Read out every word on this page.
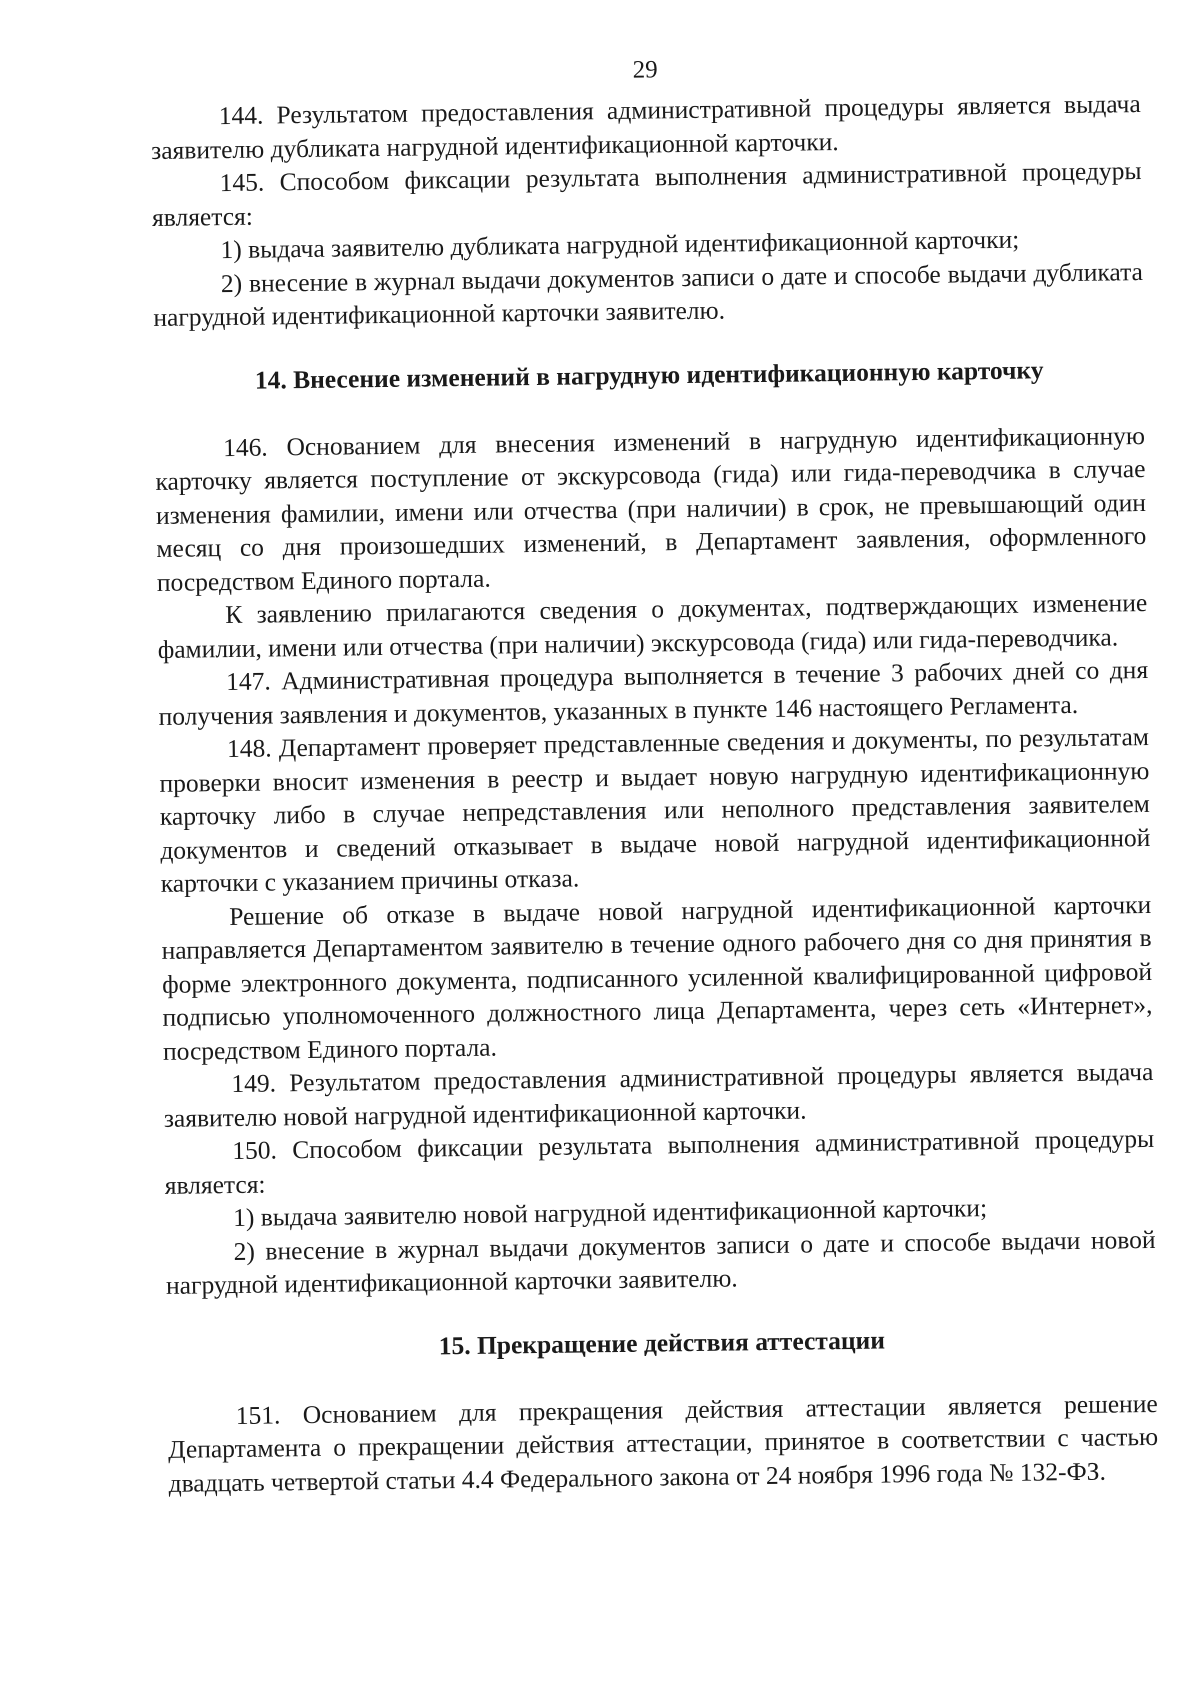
29

144. Результатом предоставления административной процедуры является выдача заявителю дубликата нагрудной идентификационной карточки.

145. Способом фиксации результата выполнения административной процедуры является:

1) выдача заявителю дубликата нагрудной идентификационной карточки;

2) внесение в журнал выдачи документов записи о дате и способе выдачи дубликата нагрудной идентификационной карточки заявителю.

14. Внесение изменений в нагрудную идентификационную карточку

146. Основанием для внесения изменений в нагрудную идентификационную карточку является поступление от экскурсовода (гида) или гида-переводчика в случае изменения фамилии, имени или отчества (при наличии) в срок, не превышающий один месяц со дня произошедших изменений, в Департамент заявления, оформленного посредством Единого портала.

К заявлению прилагаются сведения о документах, подтверждающих изменение фамилии, имени или отчества (при наличии) экскурсовода (гида) или гида-переводчика.

147. Административная процедура выполняется в течение 3 рабочих дней со дня получения заявления и документов, указанных в пункте 146 настоящего Регламента.

148. Департамент проверяет представленные сведения и документы, по результатам проверки вносит изменения в реестр и выдает новую нагрудную идентификационную карточку либо в случае непредставления или неполного представления заявителем документов и сведений отказывает в выдаче новой нагрудной идентификационной карточки с указанием причины отказа.

Решение об отказе в выдаче новой нагрудной идентификационной карточки направляется Департаментом заявителю в течение одного рабочего дня со дня принятия в форме электронного документа, подписанного усиленной квалифицированной цифровой подписью уполномоченного должностного лица Департамента, через сеть «Интернет», посредством Единого портала.

149. Результатом предоставления административной процедуры является выдача заявителю новой нагрудной идентификационной карточки.

150. Способом фиксации результата выполнения административной процедуры является:

1) выдача заявителю новой нагрудной идентификационной карточки;

2) внесение в журнал выдачи документов записи о дате и способе выдачи новой нагрудной идентификационной карточки заявителю.

15. Прекращение действия аттестации

151. Основанием для прекращения действия аттестации является решение Департамента о прекращении действия аттестации, принятое в соответствии с частью двадцать четвертой статьи 4.4 Федерального закона от 24 ноября 1996 года № 132-ФЗ.
